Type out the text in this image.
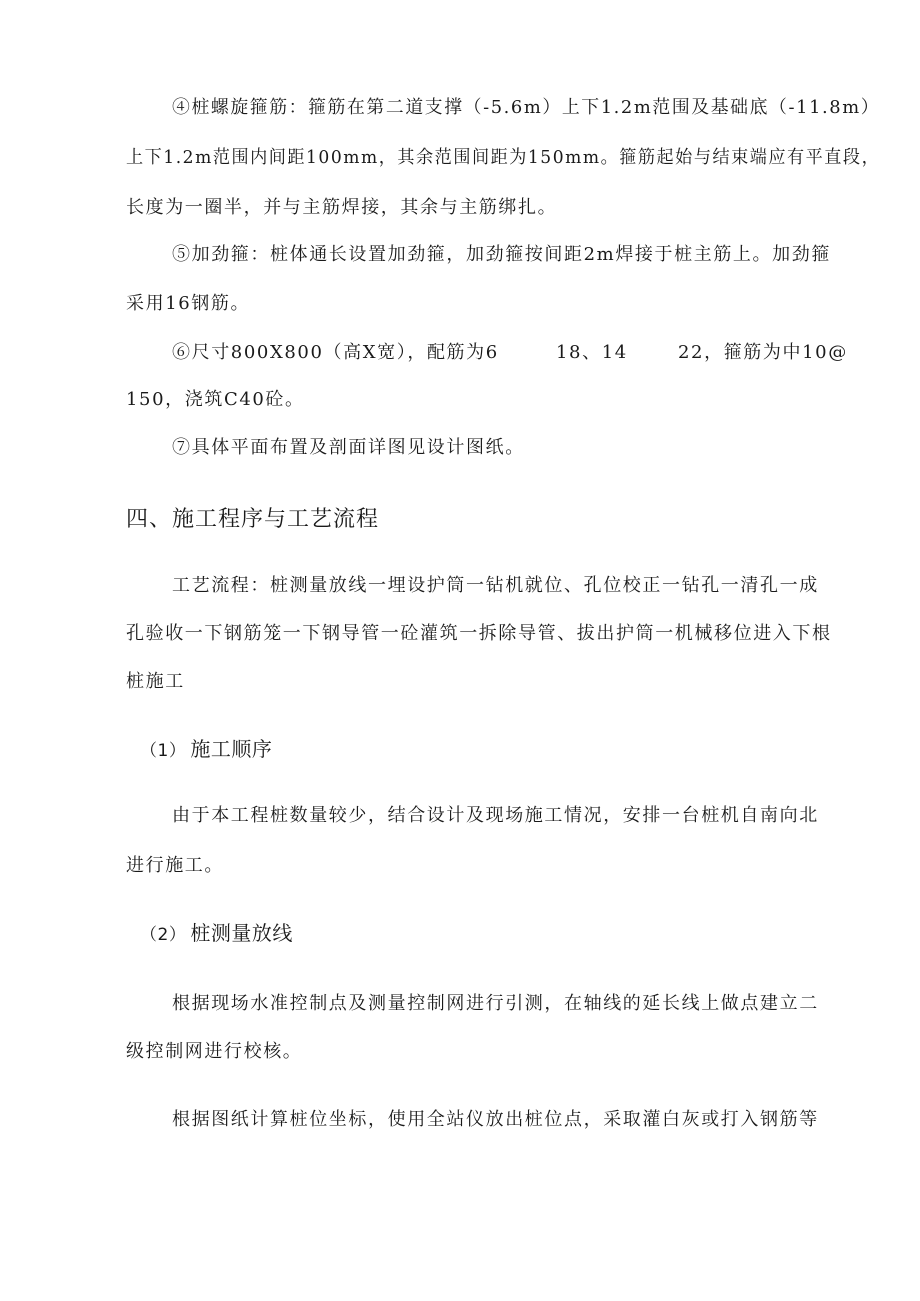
④桩螺旋箍筋：箍筋在第二道支撑（-5.6m）上下1.2m范围及基础底（-11.8m）
上下1.2m范围内间距100mm，其余范围间距为150mm。箍筋起始与结束端应有平直段，
长度为一圈半，并与主筋焊接，其余与主筋绑扎。
⑤加劲箍：桩体通长设置加劲箍，加劲箍按间距2m焊接于桩主筋上。加劲箍
采用16钢筋。
⑥尺寸800X800（高X宽），配筋为6	18、14	22，箍筋为中10@
150，浇筑C40砼。
⑦具体平面布置及剖面详图见设计图纸。
四、施工程序与工艺流程
工艺流程：桩测量放线一埋设护筒一钻机就位、孔位校正一钻孔一清孔一成
孔验收一下钢筋笼一下钢导管一砼灌筑一拆除导管、拔出护筒一机械移位进入下根
桩施工
（1） 施工顺序
由于本工程桩数量较少，结合设计及现场施工情况，安排一台桩机自南向北
进行施工。
（2） 桩测量放线
根据现场水准控制点及测量控制网进行引测，在轴线的延长线上做点建立二
级控制网进行校核。
根据图纸计算桩位坐标，使用全站仪放出桩位点，采取灌白灰或打入钢筋等
